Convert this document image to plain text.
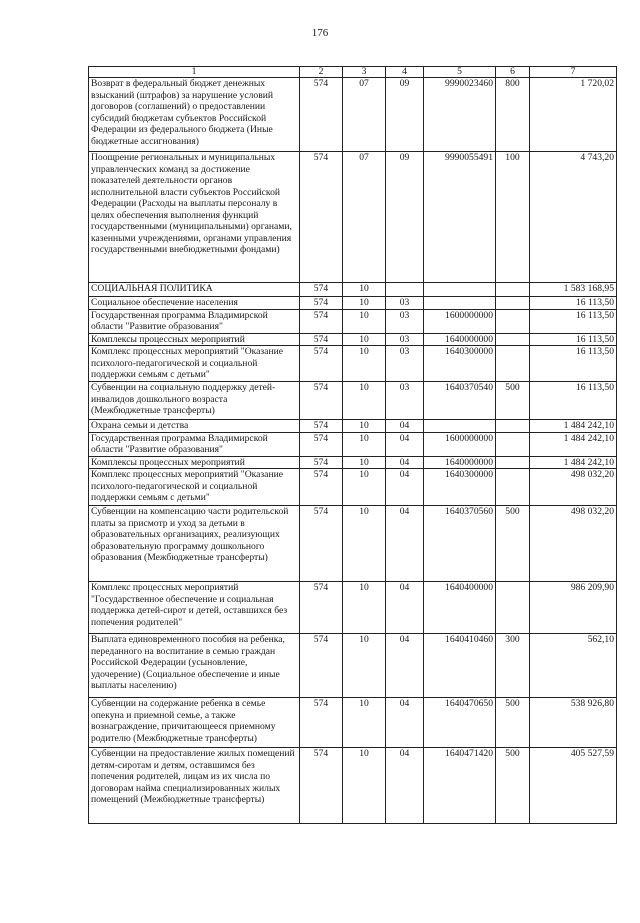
176
1	2	3	4	5	6	7
Возврат в федеральный бюджет денежных взысканий (штрафов) за нарушение условий договоров (соглашений) о предоставлении субсидий бюджетам субъектов Российской Федерации из федерального бюджета (Иные бюджетные ассигнования)	574	07	09	9990023460	800	1 720,02
Поощрение региональных и муниципальных управленческих команд за достижение показателей деятельности органов исполнительной власти субъектов Российской Федерации (Расходы на выплаты персоналу в целях обеспечения выполнения функций государственными (муниципальными) органами, казенными учреждениями, органами управления государственными внебюджетными фондами)	574	07	09	9990055491	100	4 743,20
СОЦИАЛЬНАЯ ПОЛИТИКА	574	10				1 583 168,95
Социальное обеспечение населения	574	10	03			16 113,50
Государственная программа Владимирской области "Развитие образования"	574	10	03	1600000000		16 113,50
Комплексы процессных мероприятий	574	10	03	1640000000		16 113,50
Комплекс процессных мероприятий "Оказание психолого-педагогической и социальной поддержки семьям с детьми"	574	10	03	1640300000		16 113,50
Субвенции на социальную поддержку детей-инвалидов дошкольного возраста (Межбюджетные трансферты)	574	10	03	1640370540	500	16 113,50
Охрана семьи и детства	574	10	04			1 484 242,10
Государственная программа Владимирской области "Развитие образования"	574	10	04	1600000000		1 484 242,10
Комплексы процессных мероприятий	574	10	04	1640000000		1 484 242,10
Комплекс процессных мероприятий "Оказание психолого-педагогической и социальной поддержки семьям с детьми"	574	10	04	1640300000		498 032,20
Субвенции на компенсацию части родительской платы за присмотр и уход за детьми в образовательных организациях, реализующих образовательную программу дошкольного образования (Межбюджетные трансферты)	574	10	04	1640370560	500	498 032,20
Комплекс процессных мероприятий "Государственное обеспечение и социальная поддержка детей-сирот и детей, оставшихся без попечения родителей"	574	10	04	1640400000		986 209,90
Выплата единовременного пособия на ребенка, переданного на воспитание в семью граждан Российской Федерации (усыновление, удочерение) (Социальное обеспечение и иные выплаты населению)	574	10	04	1640410460	300	562,10
Субвенции на содержание ребенка в семье опекуна и приемной семье, а также вознаграждение, причитающееся приемному родителю (Межбюджетные трансферты)	574	10	04	1640470650	500	538 926,80
Субвенции на предоставление жилых помещений детям-сиротам и детям, оставшимся без попечения родителей, лицам из их числа по договорам найма специализированных жилых помещений (Межбюджетные трансферты)	574	10	04	1640471420	500	405 527,59
